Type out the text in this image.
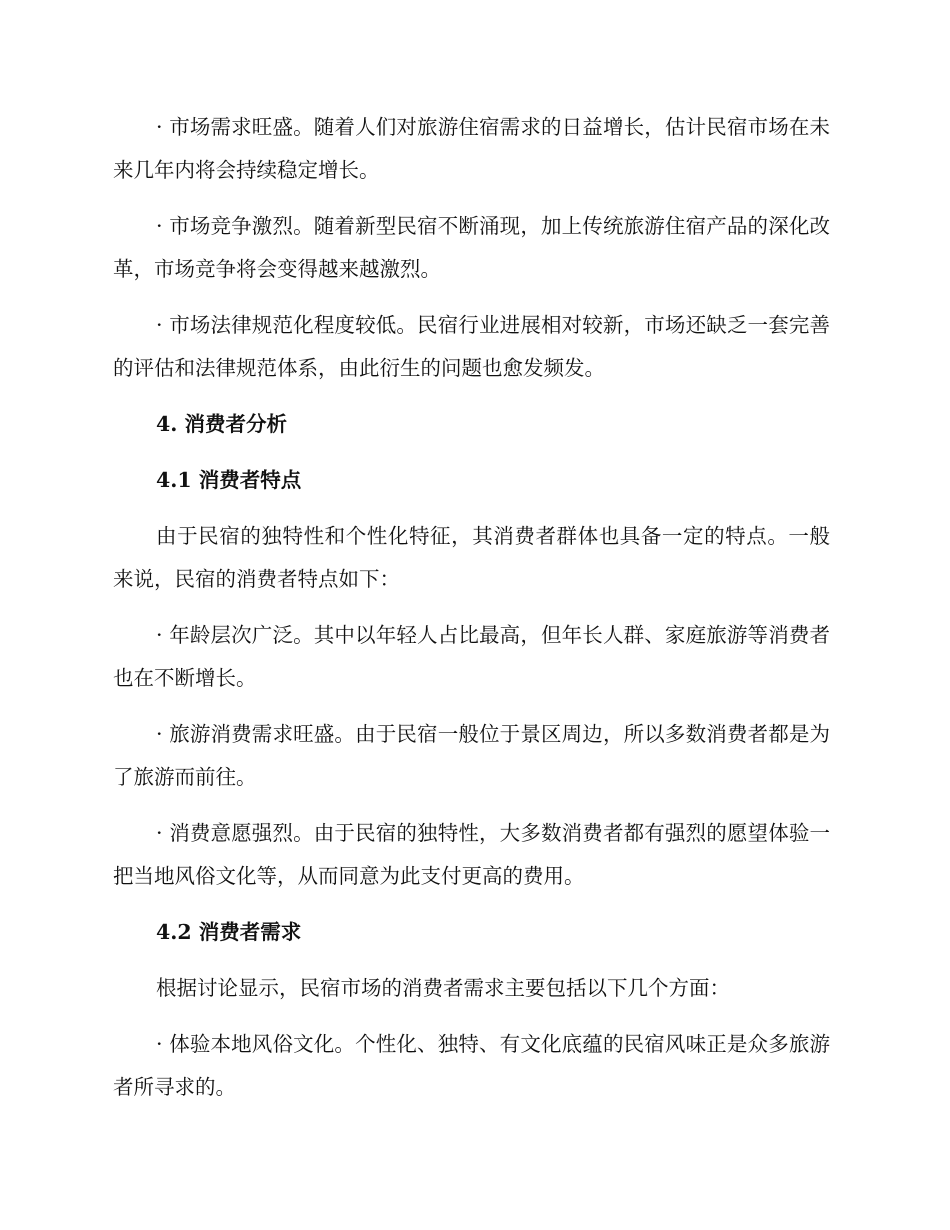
· 市场需求旺盛。随着人们对旅游住宿需求的日益增长，估计民宿市场在未来几年内将会持续稳定增长。

· 市场竞争激烈。随着新型民宿不断涌现，加上传统旅游住宿产品的深化改革，市场竞争将会变得越来越激烈。

· 市场法律规范化程度较低。民宿行业进展相对较新，市场还缺乏一套完善的评估和法律规范体系，由此衍生的问题也愈发频发。

4. 消费者分析

4.1 消费者特点

由于民宿的独特性和个性化特征，其消费者群体也具备一定的特点。一般来说，民宿的消费者特点如下：

· 年龄层次广泛。其中以年轻人占比最高，但年长人群、家庭旅游等消费者也在不断增长。

· 旅游消费需求旺盛。由于民宿一般位于景区周边，所以多数消费者都是为了旅游而前往。

· 消费意愿强烈。由于民宿的独特性，大多数消费者都有强烈的愿望体验一把当地风俗文化等，从而同意为此支付更高的费用。

4.2 消费者需求

根据讨论显示，民宿市场的消费者需求主要包括以下几个方面：

· 体验本地风俗文化。个性化、独特、有文化底蕴的民宿风味正是众多旅游者所寻求的。
